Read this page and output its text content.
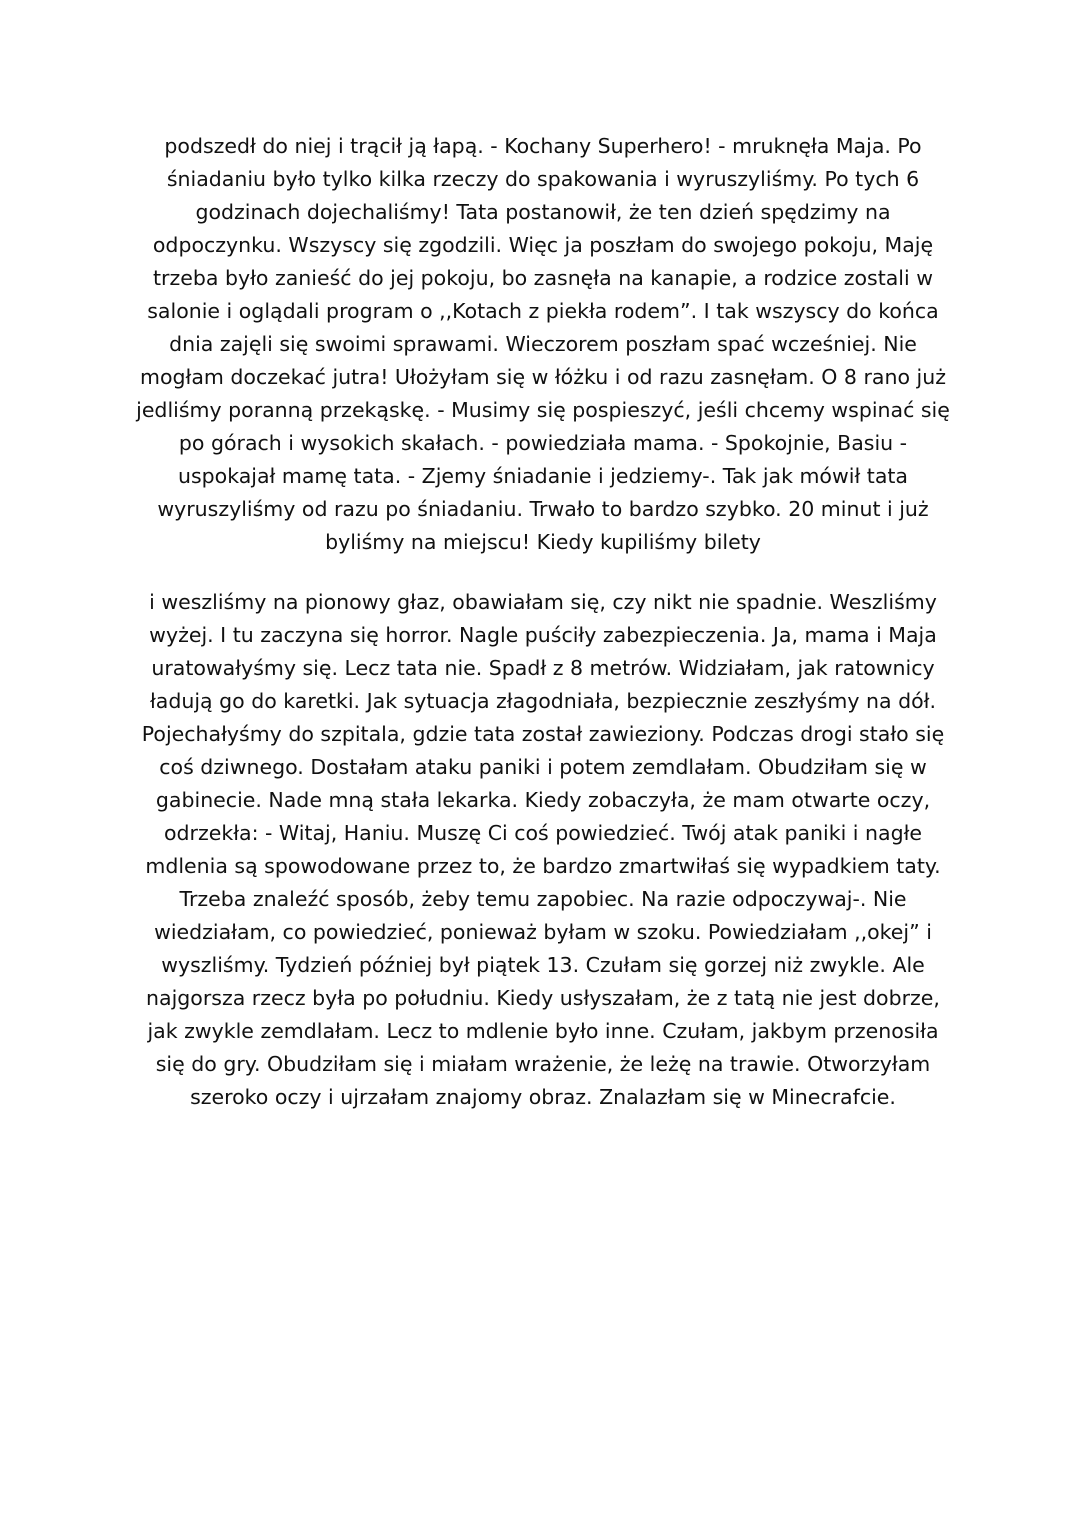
podszedł do niej i trącił ją łapą. - Kochany Superhero! - mruknęła Maja. Po
śniadaniu było tylko kilka rzeczy do spakowania i wyruszyliśmy. Po tych 6
godzinach dojechaliśmy! Tata postanowił, że ten dzień spędzimy na
odpoczynku. Wszyscy się zgodzili. Więc ja poszłam do swojego pokoju, Maję
trzeba było zanieść do jej pokoju, bo zasnęła na kanapie, a rodzice zostali w
salonie i oglądali program o ,,Kotach z piekła rodem”. I tak wszyscy do końca
dnia zajęli się swoimi sprawami. Wieczorem poszłam spać wcześniej. Nie
mogłam doczekać jutra! Ułożyłam się w łóżku i od razu zasnęłam. O 8 rano już
jedliśmy poranną przekąskę. - Musimy się pospieszyć, jeśli chcemy wspinać się
po górach i wysokich skałach. - powiedziała mama. - Spokojnie, Basiu -
uspokajał mamę tata. - Zjemy śniadanie i jedziemy-. Tak jak mówił tata
wyruszyliśmy od razu po śniadaniu. Trwało to bardzo szybko. 20 minut i już
byliśmy na miejscu! Kiedy kupiliśmy bilety
i weszliśmy na pionowy głaz, obawiałam się, czy nikt nie spadnie. Weszliśmy
wyżej. I tu zaczyna się horror. Nagle puściły zabezpieczenia. Ja, mama i Maja
uratowałyśmy się. Lecz tata nie. Spadł z 8 metrów. Widziałam, jak ratownicy
ładują go do karetki. Jak sytuacja złagodniała, bezpiecznie zeszłyśmy na dół.
Pojechałyśmy do szpitala, gdzie tata został zawieziony. Podczas drogi stało się
coś dziwnego. Dostałam ataku paniki i potem zemdlałam. Obudziłam się w
gabinecie. Nade mną stała lekarka. Kiedy zobaczyła, że mam otwarte oczy,
odrzekła: - Witaj, Haniu. Muszę Ci coś powiedzieć. Twój atak paniki i nagłe
mdlenia są spowodowane przez to, że bardzo zmartwiłaś się wypadkiem taty.
Trzeba znaleźć sposób, żeby temu zapobiec. Na razie odpoczywaj-. Nie
wiedziałam, co powiedzieć, ponieważ byłam w szoku. Powiedziałam ,,okej” i
wyszliśmy. Tydzień później był piątek 13. Czułam się gorzej niż zwykle. Ale
najgorsza rzecz była po południu. Kiedy usłyszałam, że z tatą nie jest dobrze,
jak zwykle zemdlałam. Lecz to mdlenie było inne. Czułam, jakbym przenosiła
się do gry. Obudziłam się i miałam wrażenie, że leżę na trawie. Otworzyłam
szeroko oczy i ujrzałam znajomy obraz. Znalazłam się w Minecrafcie.
